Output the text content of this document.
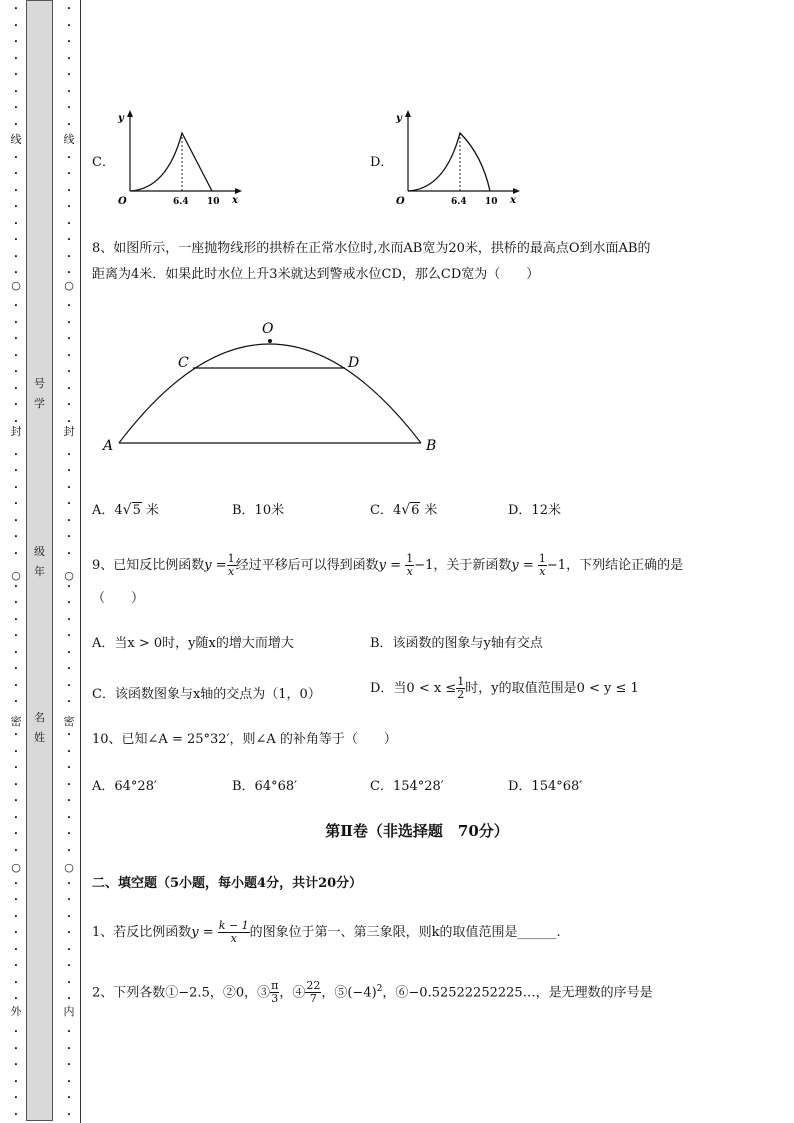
•
•
•
•
•
•
•
•
线
•
•
•
•
•
•
•
•
○
•
•
•
•
•
•
•
•
封
•
•
•
•
•
•
•
○
•
•
•
•
•
•
•
•
密
•
•
•
•
•
•
•
•
○
•
•
•
•
•
•
•
•
外
•
•
•
•
•
•
号
学
级
年
名
姓
•
•
•
•
•
•
•
•
线
•
•
•
•
•
•
•
•
○
•
•
•
•
•
•
•
•
封
•
•
•
•
•
•
•
○
•
•
•
•
•
•
•
•
密
•
•
•
•
•
•
•
•
○
•
•
•
•
•
•
•
•
内
•
•
•
•
•
•
C．
y
x
O	6.4 10
D．
y
x
O	6.4 10
8、如图所示，一座抛物线形的拱桥在正常水位时,水而AB宽为20米，拱桥的最高点O到水面AB的
距离为4米．如果此时水位上升3米就达到警戒水位CD，那么CD宽为（　　）
O
C	D
A	B
A．4√5 米	B．10米	C．4√6 米	D．12米
9、已知反比例函数$y = \frac{1}{x}$ 经过平移后可以得到函数$y = \frac{1}{x} -1$，关于新函数$y = \frac{1}{x} -1$，下列结论正确的是
（　　）
A．当x > 0时，y随x的增大而增大	B．该函数的图象与y轴有交点
C．该函数图象与x轴的交点为（1，0）	D．当$0 < x \le \frac{1}{2}$ 时，y的取值范围是0 < y ≤ 1
10、已知∠A = 25°32′，则∠A 的补角等于（　　）
A．64°28′	B．64°68′	C．154°28′	D．154°68′
第Ⅱ卷（非选择题　70分）
二、填空题（5小题，每小题4分，共计20分）
1、若反比例函数$y = \frac{k - 1}{x}$ 的图象位于第一、第三象限，则k的取值范围是______.
2、下列各数①−2.5，②0，③ $\frac{\pi}{3}$ ，④ $\frac{22}{7}$ ，$⑤(-4)^2$，⑥−0.52522252225…，是无理数的序号是
